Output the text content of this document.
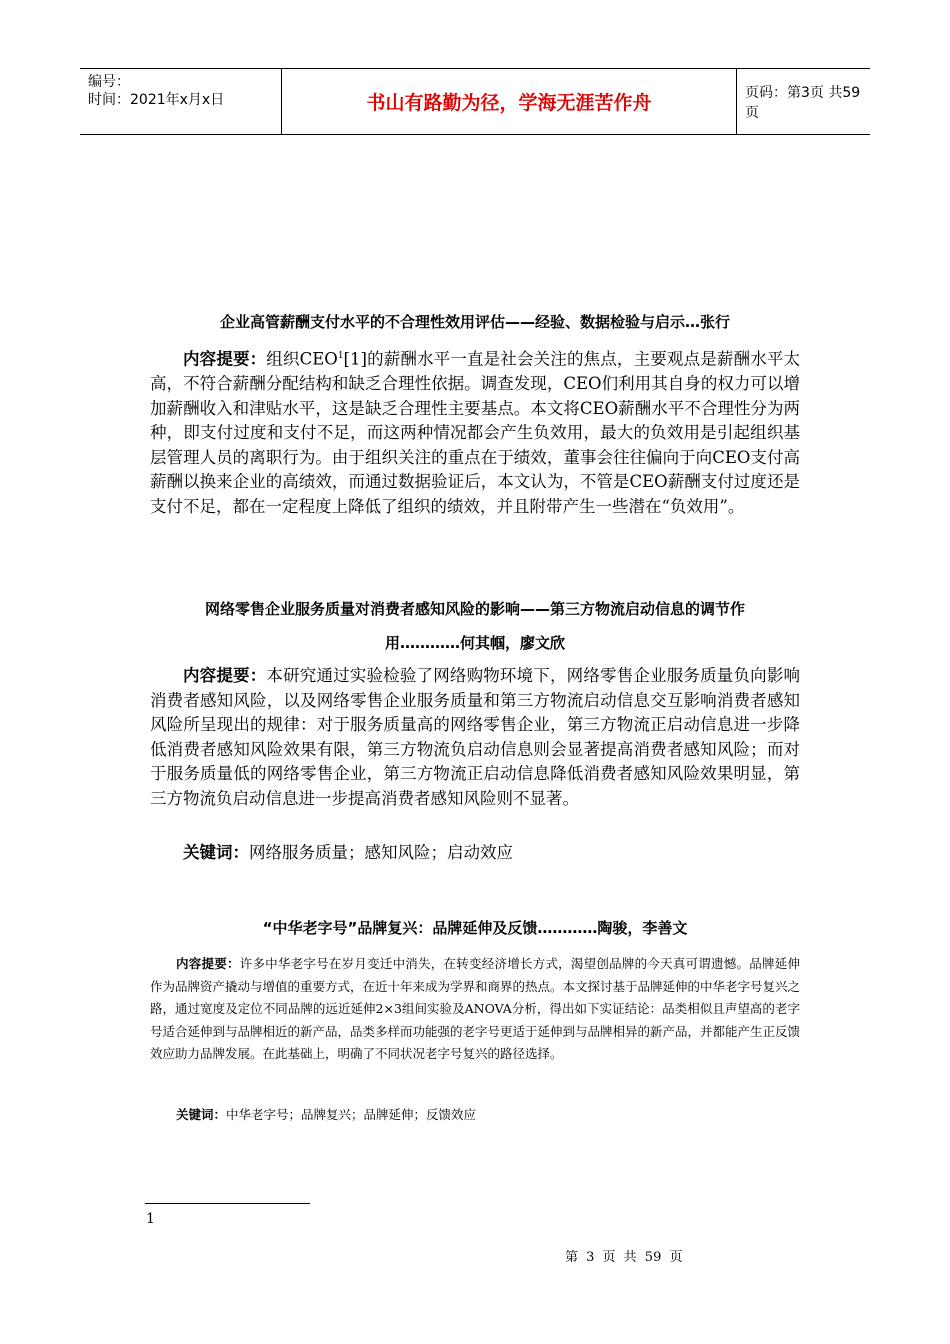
编号：
时间：2021年x月x日	书山有路勤为径，学海无涯苦作舟	页码：第3页 共59页
企业高管薪酬支付水平的不合理性效用评估——经验、数据检验与启示…张行
内容提要：组织CEO$^1$[1]的薪酬水平一直是社会关注的焦点，主要观点是薪酬水平太高，不符合薪酬分配结构和缺乏合理性依据。调查发现，CEO们利用其自身的权力可以增加薪酬收入和津贴水平，这是缺乏合理性主要基点。本文将CEO薪酬水平不合理性分为两种，即支付过度和支付不足，而这两种情况都会产生负效用，最大的负效用是引起组织基层管理人员的离职行为。由于组织关注的重点在于绩效，董事会往往偏向于向CEO支付高薪酬以换来企业的高绩效，而通过数据验证后，本文认为，不管是CEO薪酬支付过度还是支付不足，都在一定程度上降低了组织的绩效，并且附带产生一些潜在“负效用”。
网络零售企业服务质量对消费者感知风险的影响——第三方物流启动信息的调节作
用…………何其帼，廖文欣
内容提要：本研究通过实验检验了网络购物环境下，网络零售企业服务质量负向影响消费者感知风险，以及网络零售企业服务质量和第三方物流启动信息交互影响消费者感知风险所呈现出的规律：对于服务质量高的网络零售企业，第三方物流正启动信息进一步降低消费者感知风险效果有限，第三方物流负启动信息则会显著提高消费者感知风险；而对于服务质量低的网络零售企业，第三方物流正启动信息降低消费者感知风险效果明显，第三方物流负启动信息进一步提高消费者感知风险则不显著。
关键词：网络服务质量；感知风险；启动效应
“中华老字号”品牌复兴：品牌延伸及反馈…………陶骏，李善文
内容提要：许多中华老字号在岁月变迁中消失，在转变经济增长方式，渴望创品牌的今天真可谓遗憾。品牌延伸作为品牌资产撬动与增值的重要方式，在近十年来成为学界和商界的热点。本文探讨基于品牌延伸的中华老字号复兴之路，通过宽度及定位不同品牌的远近延伸2×3组间实验及ANOVA分析，得出如下实证结论：品类相似且声望高的老字号适合延伸到与品牌相近的新产品，品类多样而功能强的老字号更适于延伸到与品牌相异的新产品，并都能产生正反馈效应助力品牌发展。在此基础上，明确了不同状况老字号复兴的路径选择。
关键词：中华老字号；品牌复兴；品牌延伸；反馈效应
1
第 3 页 共 59 页
